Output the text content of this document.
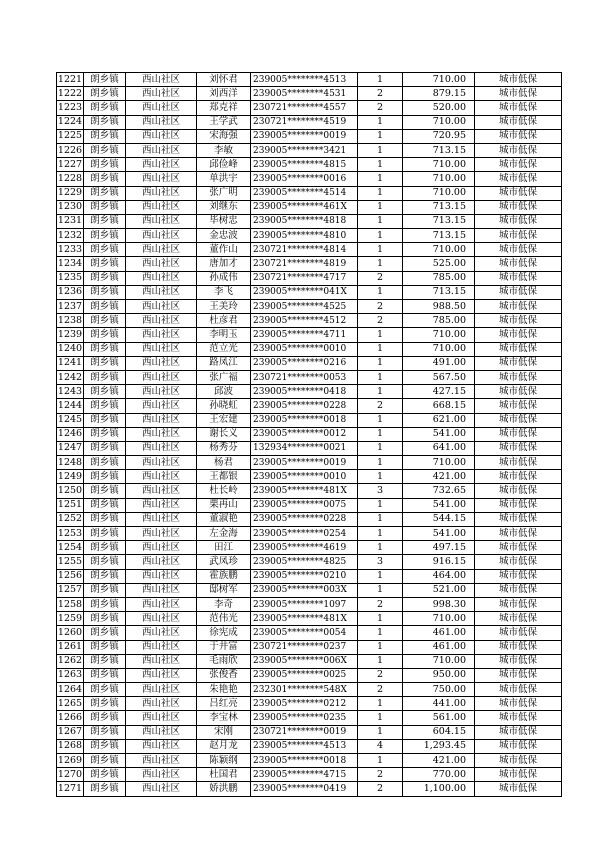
1221	朗乡镇	西山社区	刘怀君	239005********4513	1	710.00	城市低保
1222	朗乡镇	西山社区	刘西洋	239005********4531	2	879.15	城市低保
1223	朗乡镇	西山社区	郑克祥	230721********4557	2	520.00	城市低保
1224	朗乡镇	西山社区	王学武	230721********4519	1	710.00	城市低保
1225	朗乡镇	西山社区	宋海强	239005********0019	1	720.95	城市低保
1226	朗乡镇	西山社区	李敏	239005********3421	1	713.15	城市低保
1227	朗乡镇	西山社区	邱俭峰	239005********4815	1	710.00	城市低保
1228	朗乡镇	西山社区	单洪宇	239005********0016	1	710.00	城市低保
1229	朗乡镇	西山社区	张广明	239005********4514	1	710.00	城市低保
1230	朗乡镇	西山社区	刘继东	239005********461X	1	713.15	城市低保
1231	朗乡镇	西山社区	毕树忠	239005********4818	1	713.15	城市低保
1232	朗乡镇	西山社区	金忠波	239005********4810	1	713.15	城市低保
1233	朗乡镇	西山社区	董作山	230721********4814	1	710.00	城市低保
1234	朗乡镇	西山社区	唐加才	230721********4819	1	525.00	城市低保
1235	朗乡镇	西山社区	孙成伟	230721********4717	2	785.00	城市低保
1236	朗乡镇	西山社区	李飞	239005********041X	1	713.15	城市低保
1237	朗乡镇	西山社区	王美玲	239005********4525	2	988.50	城市低保
1238	朗乡镇	西山社区	杜彦君	239005********4512	2	785.00	城市低保
1239	朗乡镇	西山社区	李明玉	239005********4711	1	710.00	城市低保
1240	朗乡镇	西山社区	范立光	239005********0010	1	710.00	城市低保
1241	朗乡镇	西山社区	路凤江	239005********0216	1	491.00	城市低保
1242	朗乡镇	西山社区	张广福	230721********0053	1	567.50	城市低保
1243	朗乡镇	西山社区	邱波	239005********0418	1	427.15	城市低保
1244	朗乡镇	西山社区	孙晓虹	239005********0228	2	668.15	城市低保
1245	朗乡镇	西山社区	王宏建	239005********0018	1	621.00	城市低保
1246	朗乡镇	西山社区	谢长义	239005********0012	1	541.00	城市低保
1247	朗乡镇	西山社区	杨秀芬	132934********0021	1	641.00	城市低保
1248	朗乡镇	西山社区	杨君	239005********0019	1	710.00	城市低保
1249	朗乡镇	西山社区	王都银	239005********0010	1	421.00	城市低保
1250	朗乡镇	西山社区	杜长岭	239005********481X	3	732.65	城市低保
1251	朗乡镇	西山社区	栗再山	239005********0075	1	541.00	城市低保
1252	朗乡镇	西山社区	董淑艳	239005********0228	1	544.15	城市低保
1253	朗乡镇	西山社区	左金海	239005********0254	1	541.00	城市低保
1254	朗乡镇	西山社区	田江	239005********4619	1	497.15	城市低保
1255	朗乡镇	西山社区	武凤珍	239005********4825	3	916.15	城市低保
1256	朗乡镇	西山社区	霍族鹏	239005********0210	1	464.00	城市低保
1257	朗乡镇	西山社区	邸树军	239005********003X	1	521.00	城市低保
1258	朗乡镇	西山社区	李奇	239005********1097	2	998.30	城市低保
1259	朗乡镇	西山社区	范伟光	239005********481X	1	710.00	城市低保
1260	朗乡镇	西山社区	徐宪成	239005********0054	1	461.00	城市低保
1261	朗乡镇	西山社区	于井富	230721********0237	1	461.00	城市低保
1262	朗乡镇	西山社区	毛雨欣	239005********006X	1	710.00	城市低保
1263	朗乡镇	西山社区	张俊香	239005********0025	2	950.00	城市低保
1264	朗乡镇	西山社区	朱艳艳	232301********548X	2	750.00	城市低保
1265	朗乡镇	西山社区	吕红亮	239005********0212	1	441.00	城市低保
1266	朗乡镇	西山社区	李宝林	239005********0235	1	561.00	城市低保
1267	朗乡镇	西山社区	宋刚	230721********0019	1	604.15	城市低保
1268	朗乡镇	西山社区	赵月龙	239005********4513	4	1,293.45	城市低保
1269	朗乡镇	西山社区	陈颖纲	239005********0018	1	421.00	城市低保
1270	朗乡镇	西山社区	杜国君	239005********4715	2	770.00	城市低保
1271	朗乡镇	西山社区	娇洪鹏	239005********0419	2	1,100.00	城市低保
